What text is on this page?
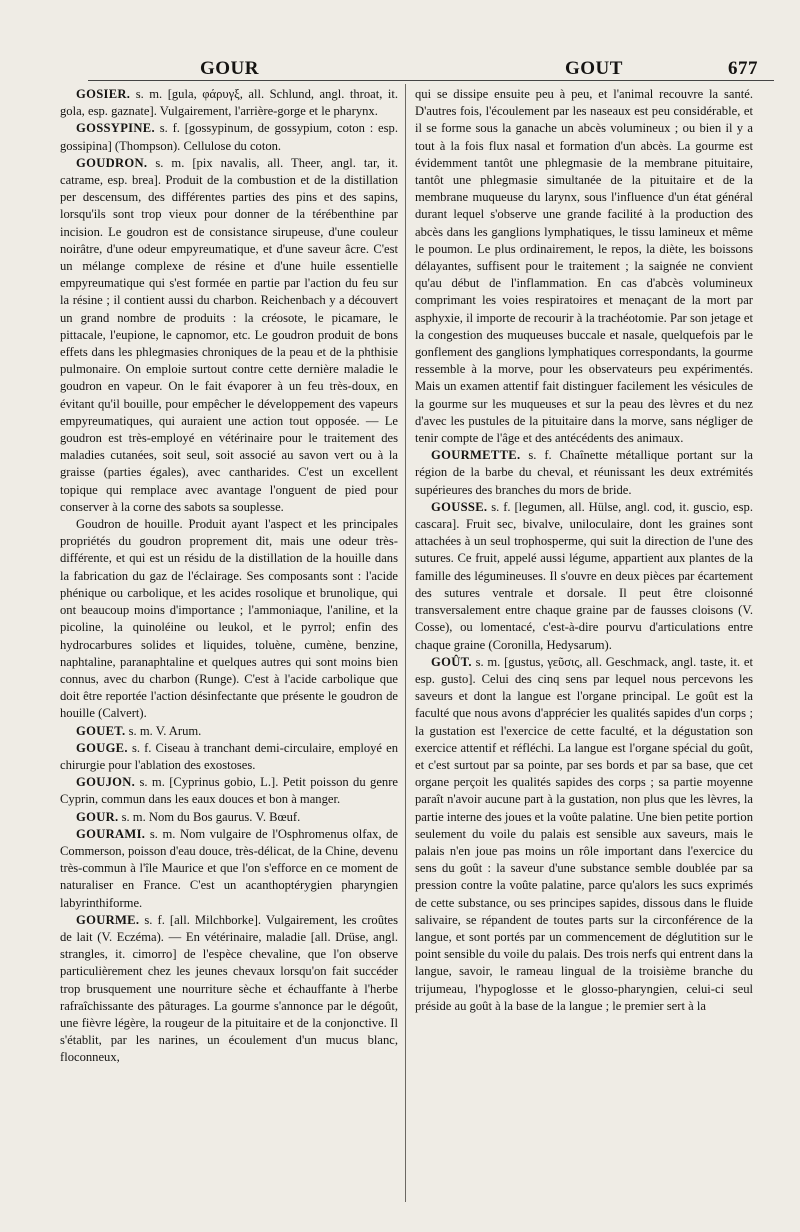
GOUR	GOUT	677

GOSIER. s. m. [gula, φάρυγξ, all. Schlund, angl. throat, it. gola, esp. gaznate]. Vulgairement, l'arrière-gorge et le pharynx.

GOSSYPINE. s. f. [gossypinum, de gossypium, coton : esp. gossipina] (Thompson). Cellulose du coton.

GOUDRON. s. m. [pix navalis, all. Theer, angl. tar, it. catrame, esp. brea]. Produit de la combustion et de la distillation per descensum, des différentes parties des pins et des sapins, lorsqu'ils sont trop vieux pour donner de la térébenthine par incision. Le goudron est de consistance sirupeuse, d'une couleur noirâtre, d'une odeur empyreumatique, et d'une saveur âcre. C'est un mélange complexe de résine et d'une huile essentielle empyreumatique qui s'est formée en partie par l'action du feu sur la résine ; il contient aussi du charbon. Reichenbach y a découvert un grand nombre de produits : la créosote, le picamare, le pittacale, l'eupione, le capnomor, etc. Le goudron produit de bons effets dans les phlegmasies chroniques de la peau et de la phthisie pulmonaire. On emploie surtout contre cette dernière maladie le goudron en vapeur. On le fait évaporer à un feu très-doux, en évitant qu'il bouille, pour empêcher le développement des vapeurs empyreumatiques, qui auraient une action tout opposée. — Le goudron est très-employé en vétérinaire pour le traitement des maladies cutanées, soit seul, soit associé au savon vert ou à la graisse (parties égales), avec cantharides. C'est un excellent topique qui remplace avec avantage l'onguent de pied pour conserver à la corne des sabots sa souplesse.

Goudron de houille. Produit ayant l'aspect et les principales propriétés du goudron proprement dit, mais une odeur très-différente, et qui est un résidu de la distillation de la houille dans la fabrication du gaz de l'éclairage. Ses composants sont : l'acide phénique ou carbolique, et les acides rosolique et brunolique, qui ont beaucoup moins d'importance ; l'ammoniaque, l'aniline, et la picoline, la quinoléine ou leukol, et le pyrrol; enfin des hydrocarbures solides et liquides, toluène, cumène, benzine, naphtaline, paranaphtaline et quelques autres qui sont moins bien connus, avec du charbon (Runge). C'est à l'acide carbolique que doit être reportée l'action désinfectante que présente le goudron de houille (Calvert).

GOUET. s. m. V. Arum.

GOUGE. s. f. Ciseau à tranchant demi-circulaire, employé en chirurgie pour l'ablation des exostoses.

GOUJON. s. m. [Cyprinus gobio, L.]. Petit poisson du genre Cyprin, commun dans les eaux douces et bon à manger.

GOUR. s. m. Nom du Bos gaurus. V. Bœuf.

GOURAMI. s. m. Nom vulgaire de l'Osphromenus olfax, de Commerson, poisson d'eau douce, très-délicat, de la Chine, devenu très-commun à l'île Maurice et que l'on s'efforce en ce moment de naturaliser en France. C'est un acanthoptérygien pharyngien labyrinthiforme.

GOURME. s. f. [all. Milchborke]. Vulgairement, les croûtes de lait (V. Eczéma). — En vétérinaire, maladie [all. Drüse, angl. strangles, it. cimorro] de l'espèce chevaline, que l'on observe particulièrement chez les jeunes chevaux lorsqu'on fait succéder trop brusquement une nourriture sèche et échauffante à l'herbe rafraîchissante des pâturages. La gourme s'annonce par le dégoût, une fièvre légère, la rougeur de la pituitaire et de la conjonctive. Il s'établit, par les narines, un écoulement d'un mucus blanc, floconneux,

qui se dissipe ensuite peu à peu, et l'animal recouvre la santé. D'autres fois, l'écoulement par les naseaux est peu considérable, et il se forme sous la ganache un abcès volumineux ; ou bien il y a tout à la fois flux nasal et formation d'un abcès. La gourme est évidemment tantôt une phlegmasie de la membrane pituitaire, tantôt une phlegmasie simultanée de la pituitaire et de la membrane muqueuse du larynx, sous l'influence d'un état général durant lequel s'observe une grande facilité à la production des abcès dans les ganglions lymphatiques, le tissu lamineux et même le poumon. Le plus ordinairement, le repos, la diète, les boissons délayantes, suffisent pour le traitement ; la saignée ne convient qu'au début de l'inflammation. En cas d'abcès volumineux comprimant les voies respiratoires et menaçant de la mort par asphyxie, il importe de recourir à la trachéotomie. Par son jetage et la congestion des muqueuses buccale et nasale, quelquefois par le gonflement des ganglions lymphatiques correspondants, la gourme ressemble à la morve, pour les observateurs peu expérimentés. Mais un examen attentif fait distinguer facilement les vésicules de la gourme sur les muqueuses et sur la peau des lèvres et du nez d'avec les pustules de la pituitaire dans la morve, sans négliger de tenir compte de l'âge et des antécédents des animaux.

GOURMETTE. s. f. Chaînette métallique portant sur la région de la barbe du cheval, et réunissant les deux extrémités supérieures des branches du mors de bride.

GOUSSE. s. f. [legumen, all. Hülse, angl. cod, it. guscio, esp. cascara]. Fruit sec, bivalve, uniloculaire, dont les graines sont attachées à un seul trophosperme, qui suit la direction de l'une des sutures. Ce fruit, appelé aussi légume, appartient aux plantes de la famille des légumineuses. Il s'ouvre en deux pièces par écartement des sutures ventrale et dorsale. Il peut être cloisonné transversalement entre chaque graine par de fausses cloisons (V. Cosse), ou lomentacé, c'est-à-dire pourvu d'articulations entre chaque graine (Coronilla, Hedysarum).

GOÛT. s. m. [gustus, γεῦσις, all. Geschmack, angl. taste, it. et esp. gusto]. Celui des cinq sens par lequel nous percevons les saveurs et dont la langue est l'organe principal. Le goût est la faculté que nous avons d'apprécier les qualités sapides d'un corps ; la gustation est l'exercice de cette faculté, et la dégustation son exercice attentif et réfléchi. La langue est l'organe spécial du goût, et c'est surtout par sa pointe, par ses bords et par sa base, que cet organe perçoit les qualités sapides des corps ; sa partie moyenne paraît n'avoir aucune part à la gustation, non plus que les lèvres, la partie interne des joues et la voûte palatine. Une bien petite portion seulement du voile du palais est sensible aux saveurs, mais le palais n'en joue pas moins un rôle important dans l'exercice du sens du goût : la saveur d'une substance semble doublée par sa pression contre la voûte palatine, parce qu'alors les sucs exprimés de cette substance, ou ses principes sapides, dissous dans le fluide salivaire, se répandent de toutes parts sur la circonférence de la langue, et sont portés par un commencement de déglutition sur le point sensible du voile du palais. Des trois nerfs qui entrent dans la langue, savoir, le rameau lingual de la troisième branche du trijumeau, l'hypoglosse et le glosso-pharyngien, celui-ci seul préside au goût à la base de la langue ; le premier sert à la
